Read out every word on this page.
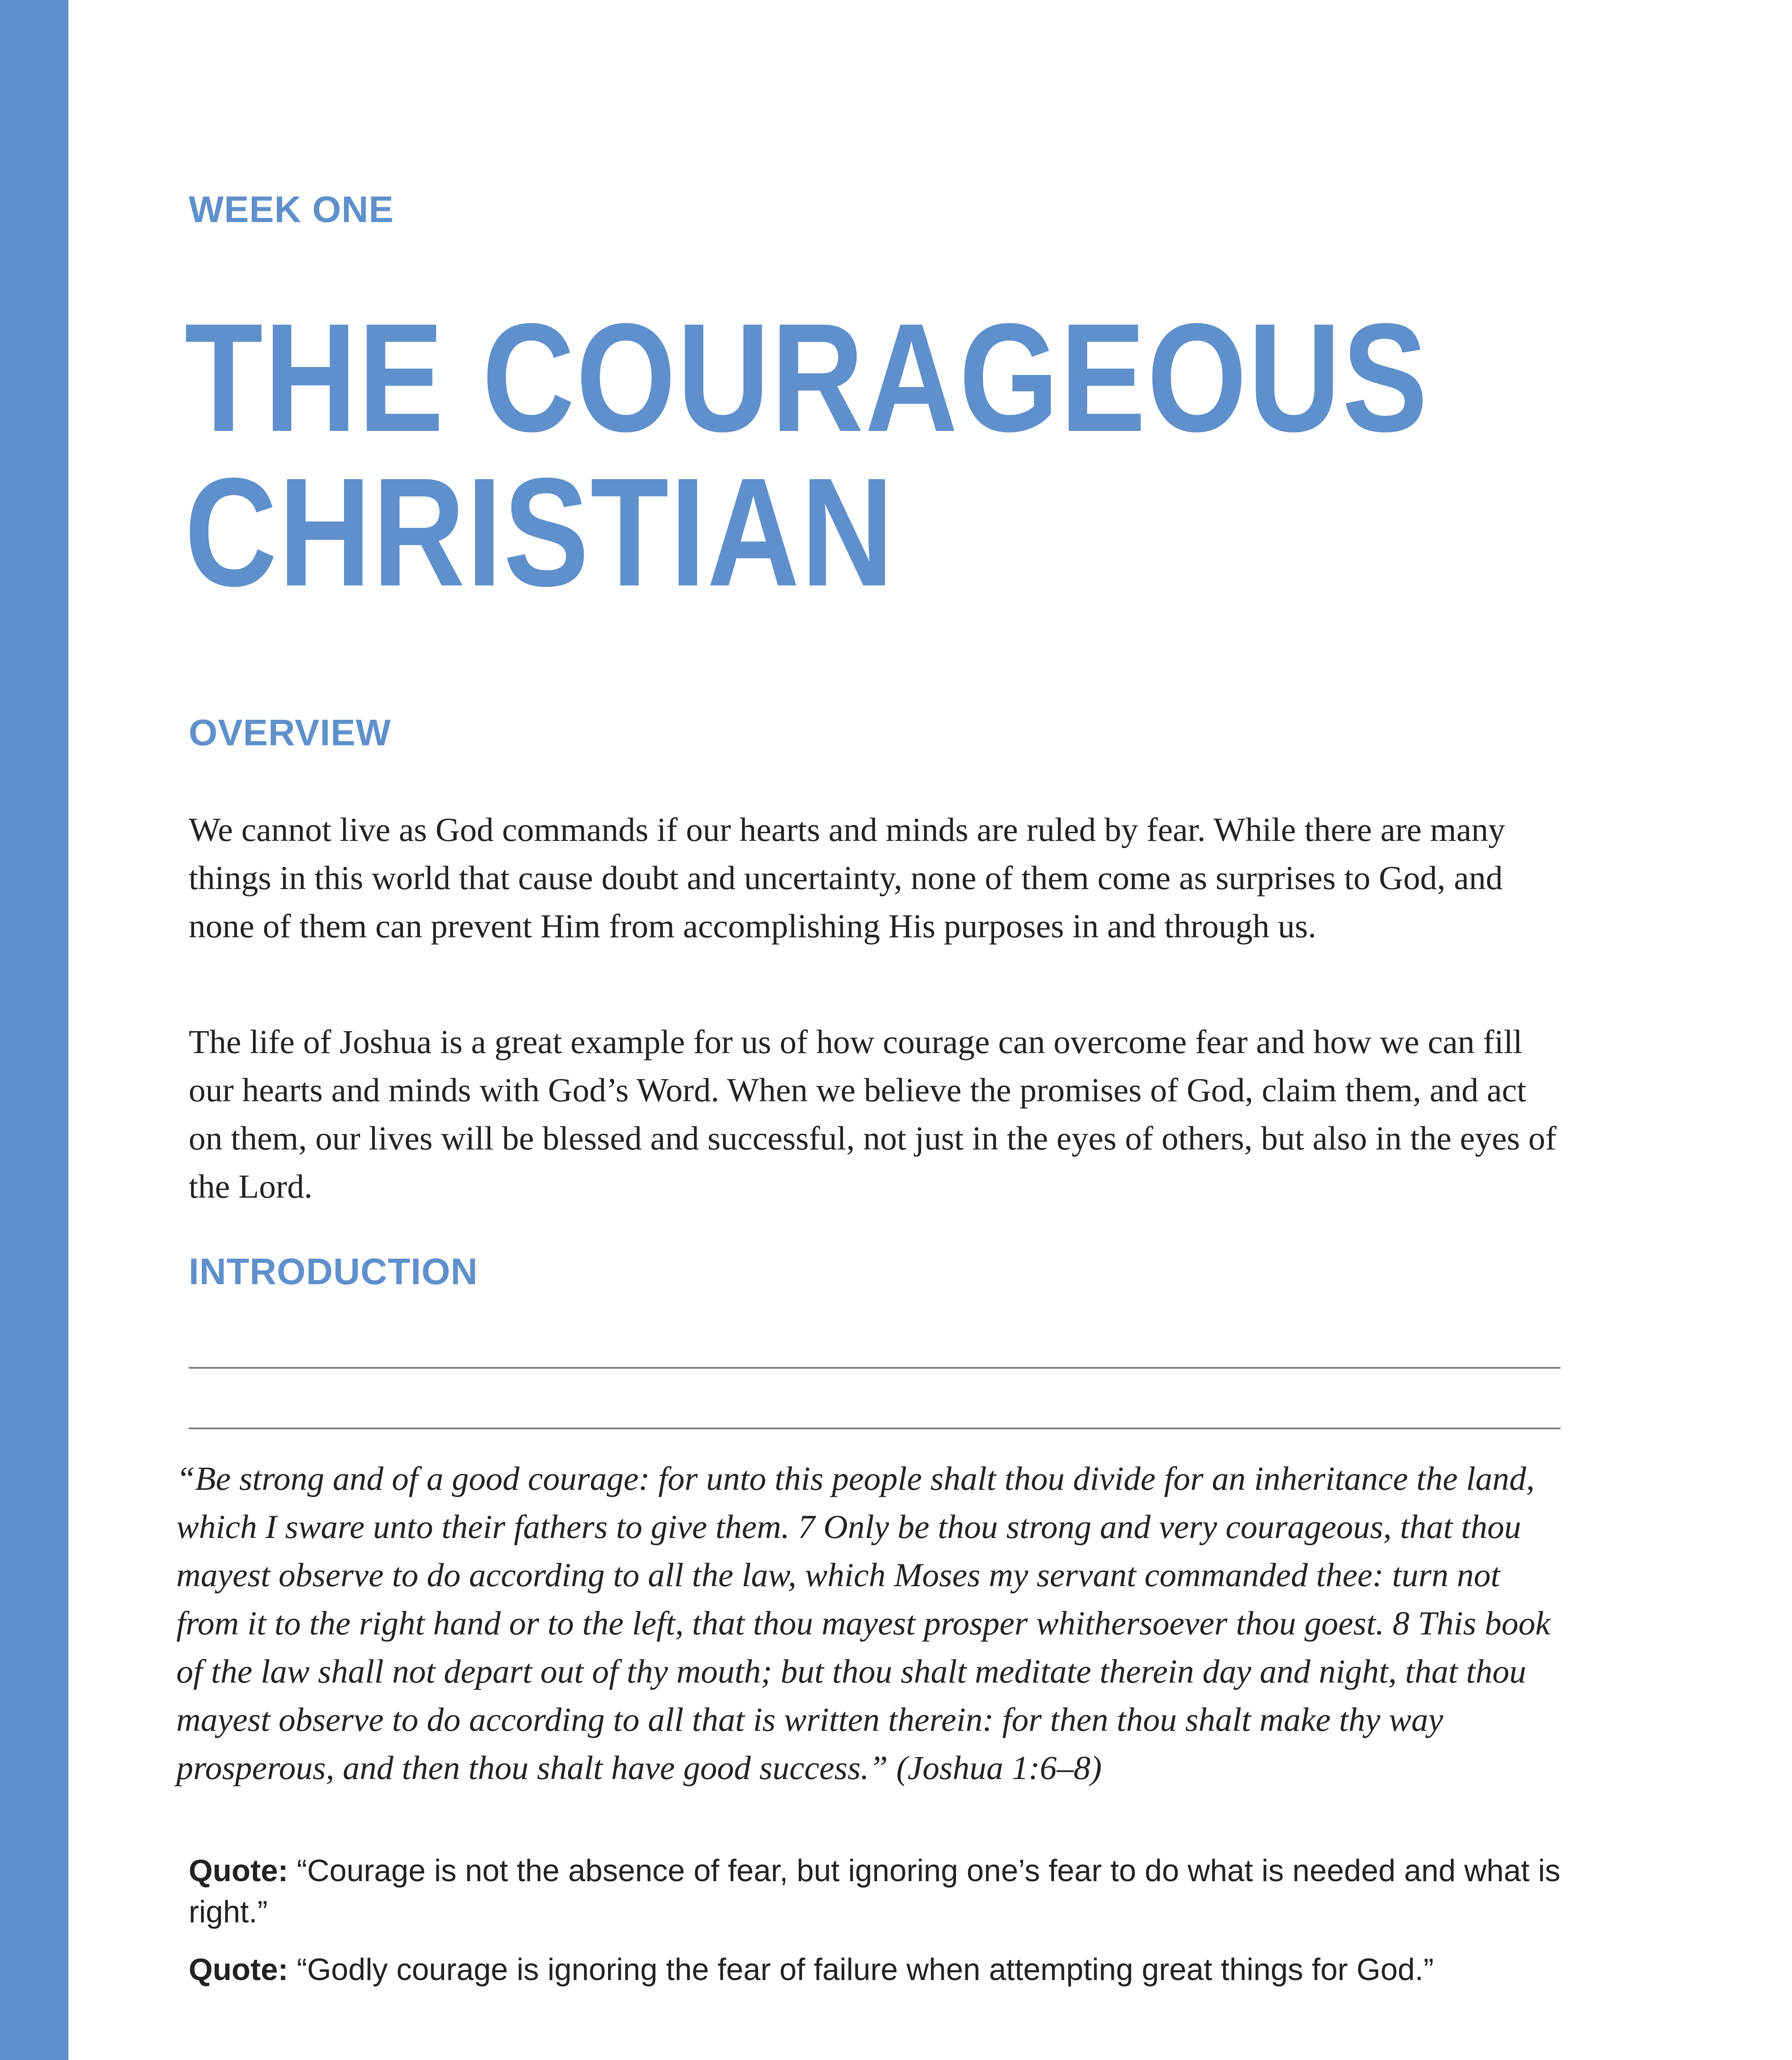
WEEK ONE
THE COURAGEOUS
CHRISTIAN
OVERVIEW

We cannot live as God commands if our hearts and minds are ruled by fear. While there are many things in this world that cause doubt and uncertainty, none of them come as surprises to God, and none of them can prevent Him from accomplishing His purposes in and through us.

The life of Joshua is a great example for us of how courage can overcome fear and how we can fill our hearts and minds with God’s Word. When we believe the promises of God, claim them, and act on them, our lives will be blessed and successful, not just in the eyes of others, but also in the eyes of the Lord.

INTRODUCTION

“Be strong and of a good courage: for unto this people shalt thou divide for an inheritance the land, which I sware unto their fathers to give them. 7 Only be thou strong and very courageous, that thou mayest observe to do according to all the law, which Moses my servant commanded thee: turn not from it to the right hand or to the left, that thou mayest prosper whithersoever thou goest. 8 This book of the law shall not depart out of thy mouth; but thou shalt meditate therein day and night, that thou mayest observe to do according to all that is written therein: for then thou shalt make thy way prosperous, and then thou shalt have good success.” (Joshua 1:6–8)

Quote: “Courage is not the absence of fear, but ignoring one’s fear to do what is needed and what is right.”

Quote: “Godly courage is ignoring the fear of failure when attempting great things for God.”
